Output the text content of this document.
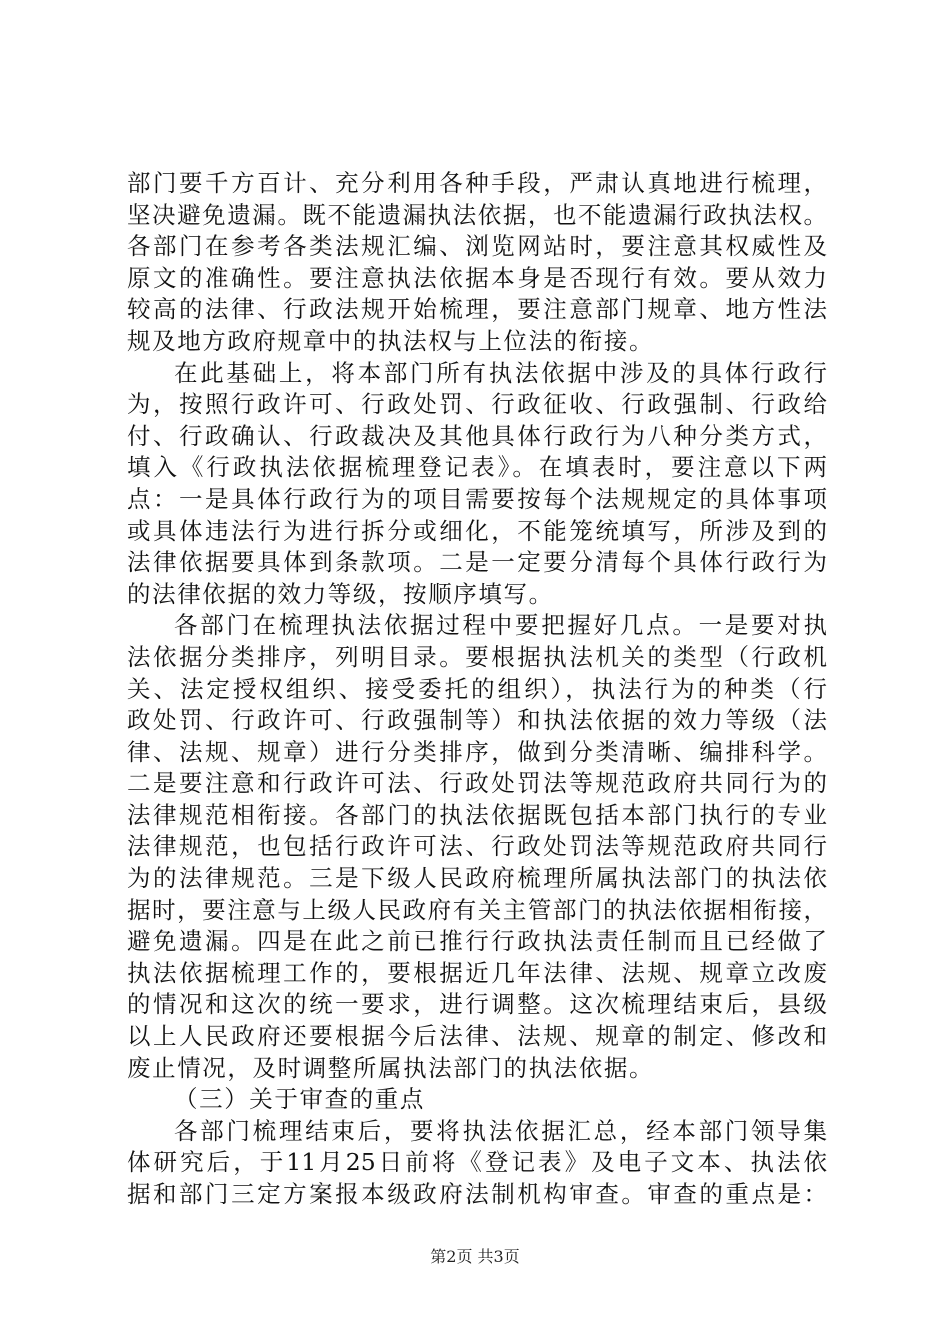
部门要千方百计、充分利用各种手段，严肃认真地进行梳理，
坚决避免遗漏。既不能遗漏执法依据，也不能遗漏行政执法权。
各部门在参考各类法规汇编、浏览网站时，要注意其权威性及
原文的准确性。要注意执法依据本身是否现行有效。要从效力
较高的法律、行政法规开始梳理，要注意部门规章、地方性法
规及地方政府规章中的执法权与上位法的衔接。
在此基础上，将本部门所有执法依据中涉及的具体行政行
为，按照行政许可、行政处罚、行政征收、行政强制、行政给
付、行政确认、行政裁决及其他具体行政行为八种分类方式，
填入《行政执法依据梳理登记表》。在填表时，要注意以下两
点：一是具体行政行为的项目需要按每个法规规定的具体事项
或具体违法行为进行拆分或细化，不能笼统填写，所涉及到的
法律依据要具体到条款项。二是一定要分清每个具体行政行为
的法律依据的效力等级，按顺序填写。
各部门在梳理执法依据过程中要把握好几点。一是要对执
法依据分类排序，列明目录。要根据执法机关的类型（行政机
关、法定授权组织、接受委托的组织），执法行为的种类（行
政处罚、行政许可、行政强制等）和执法依据的效力等级（法
律、法规、规章）进行分类排序，做到分类清晰、编排科学。
二是要注意和行政许可法、行政处罚法等规范政府共同行为的
法律规范相衔接。各部门的执法依据既包括本部门执行的专业
法律规范，也包括行政许可法、行政处罚法等规范政府共同行
为的法律规范。三是下级人民政府梳理所属执法部门的执法依
据时，要注意与上级人民政府有关主管部门的执法依据相衔接，
避免遗漏。四是在此之前已推行行政执法责任制而且已经做了
执法依据梳理工作的，要根据近几年法律、法规、规章立改废
的情况和这次的统一要求，进行调整。这次梳理结束后，县级
以上人民政府还要根据今后法律、法规、规章的制定、修改和
废止情况，及时调整所属执法部门的执法依据。
（三）关于审查的重点
各部门梳理结束后，要将执法依据汇总，经本部门领导集
体研究后，于11月25日前将《登记表》及电子文本、执法依
据和部门三定方案报本级政府法制机构审查。审查的重点是：
第2页 共3页
